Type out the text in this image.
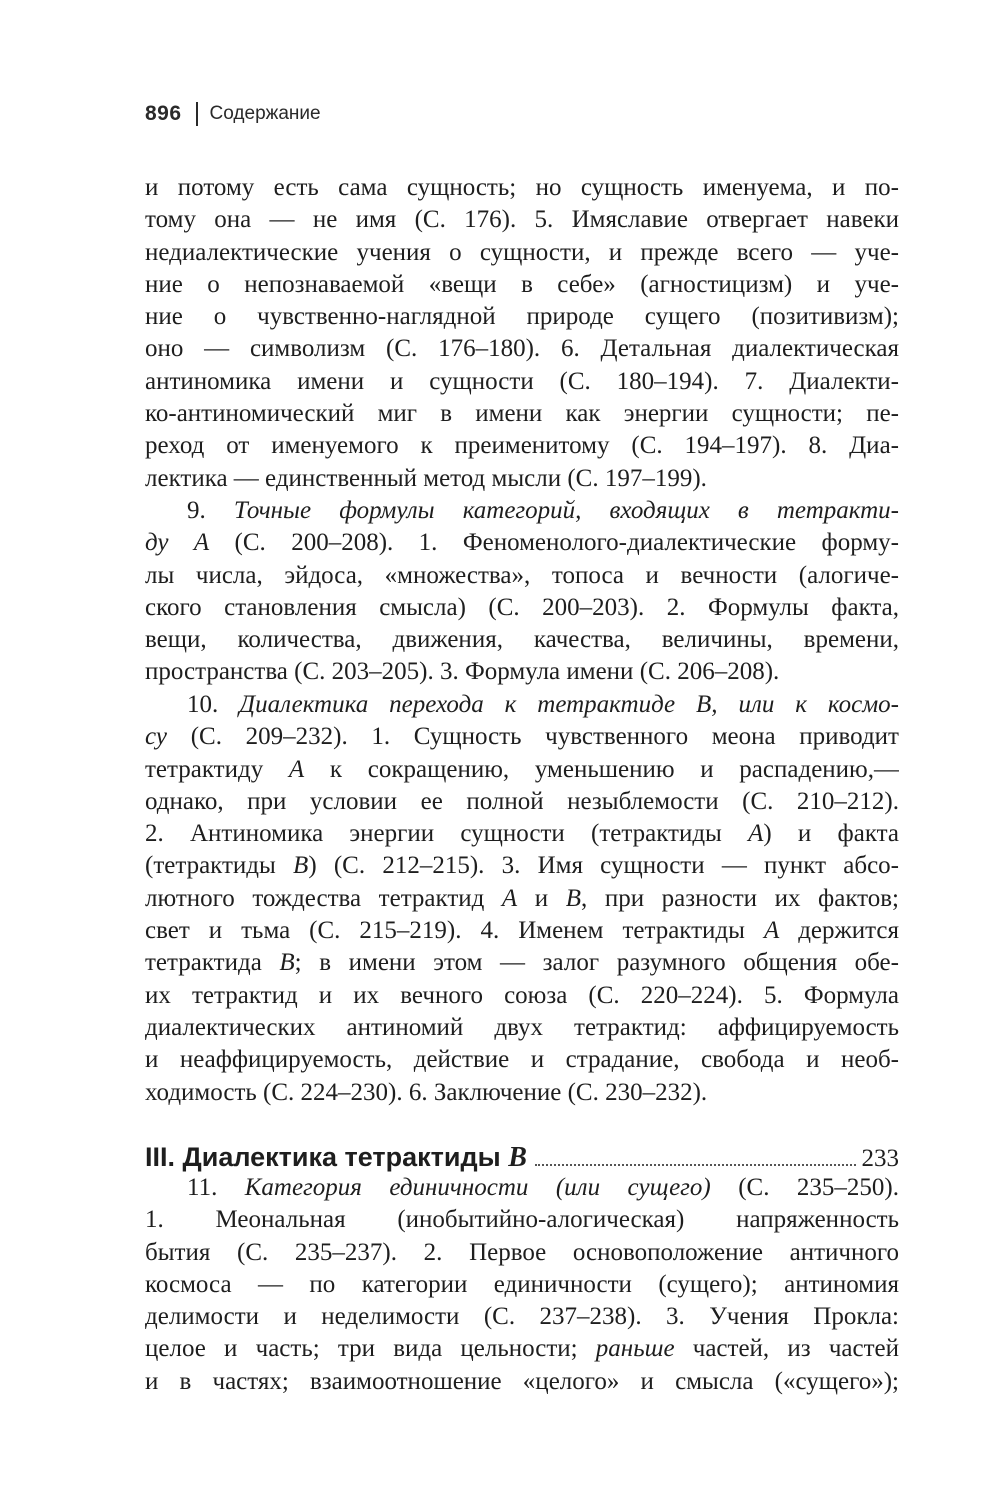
896 Содержание
и потому есть сама сущность; но сущность именуема, и по-
тому она — не имя (С. 176). 5. Имяславие отвергает навеки
недиалектические учения о сущности, и прежде всего — уче-
ние о непознаваемой «вещи в себе» (агностицизм) и уче-
ние о чувственно-наглядной природе сущего (позитивизм);
оно — символизм (С. 176–180). 6. Детальная диалектическая
антиномика имени и сущности (С. 180–194). 7. Диалекти-
ко-антиномический миг в имени как энергии сущности; пе-
реход от именуемого к преименитому (С. 194–197). 8. Диа-
лектика — единственный метод мысли (С. 197–199).
9. Точные формулы категорий, входящих в тетракти-
ду А (С. 200–208). 1. Феноменолого-диалектические форму-
лы числа, эйдоса, «множества», топоса и вечности (алогиче-
ского становления смысла) (С. 200–203). 2. Формулы факта,
вещи, количества, движения, качества, величины, времени,
пространства (С. 203–205). 3. Формула имени (С. 206–208).
10. Диалектика перехода к тетрактиде В, или к космо-
су (С. 209–232). 1. Сущность чувственного меона приводит
тетрактиду А к сокращению, уменьшению и распадению,—
однако, при условии ее полной незыблемости (С. 210–212).
2. Антиномика энергии сущности (тетрактиды А) и факта
(тетрактиды В) (С. 212–215). 3. Имя сущности — пункт абсо-
лютного тождества тетрактид А и В, при разности их фактов;
свет и тьма (С. 215–219). 4. Именем тетрактиды А держится
тетрактида В; в имени этом — залог разумного общения обе-
их тетрактид и их вечного союза (С. 220–224). 5. Формула
диалектических антиномий двух тетрактид: аффицируемость
и неаффицируемость, действие и страдание, свобода и необ-
ходимость (С. 224–230). 6. Заключение (С. 230–232).
III. Диалектика тетрактиды В	233
11. Категория единичности (или сущего) (С. 235–250).
1. Меональная (инобытийно-алогическая) напряженность
бытия (С. 235–237). 2. Первое основоположение античного
космоса — по категории единичности (сущего); антиномия
делимости и неделимости (С. 237–238). 3. Учения Прокла:
целое и часть; три вида цельности; раньше частей, из частей
и в частях; взаимоотношение «целого» и смысла («сущего»);
